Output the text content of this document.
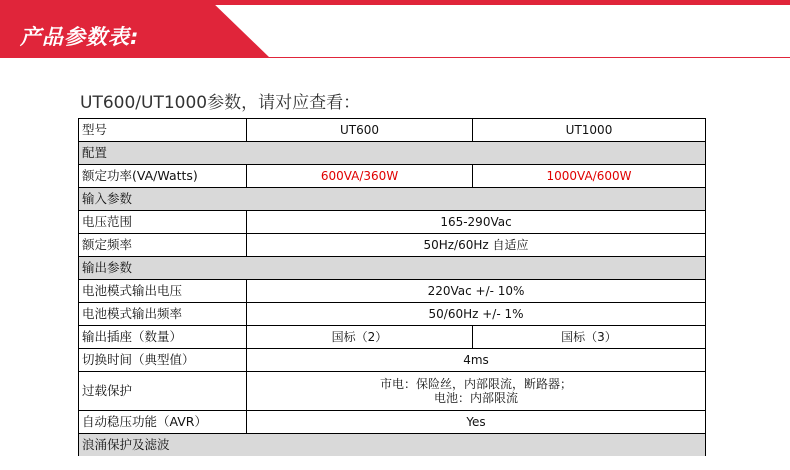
产品参数表:
UT600/UT1000参数，请对应查看：
型号	UT600	UT1000
配置		
额定功率(VA/Watts)	600VA/360W	1000VA/600W
输入参数		
电压范围	165-290Vac	
额定频率	50Hz/60Hz 自适应	
输出参数		
电池模式输出电压	220Vac +/- 10%	
电池模式输出频率	50/60Hz +/- 1%	
输出插座（数量）	国标（2）	国标（3）
切换时间（典型值）	4ms	
过载保护	市电：保险丝，内部限流，断路器；
电池：内部限流	

自动稳压功能（AVR）	Yes	
浪涌保护及滤波		
